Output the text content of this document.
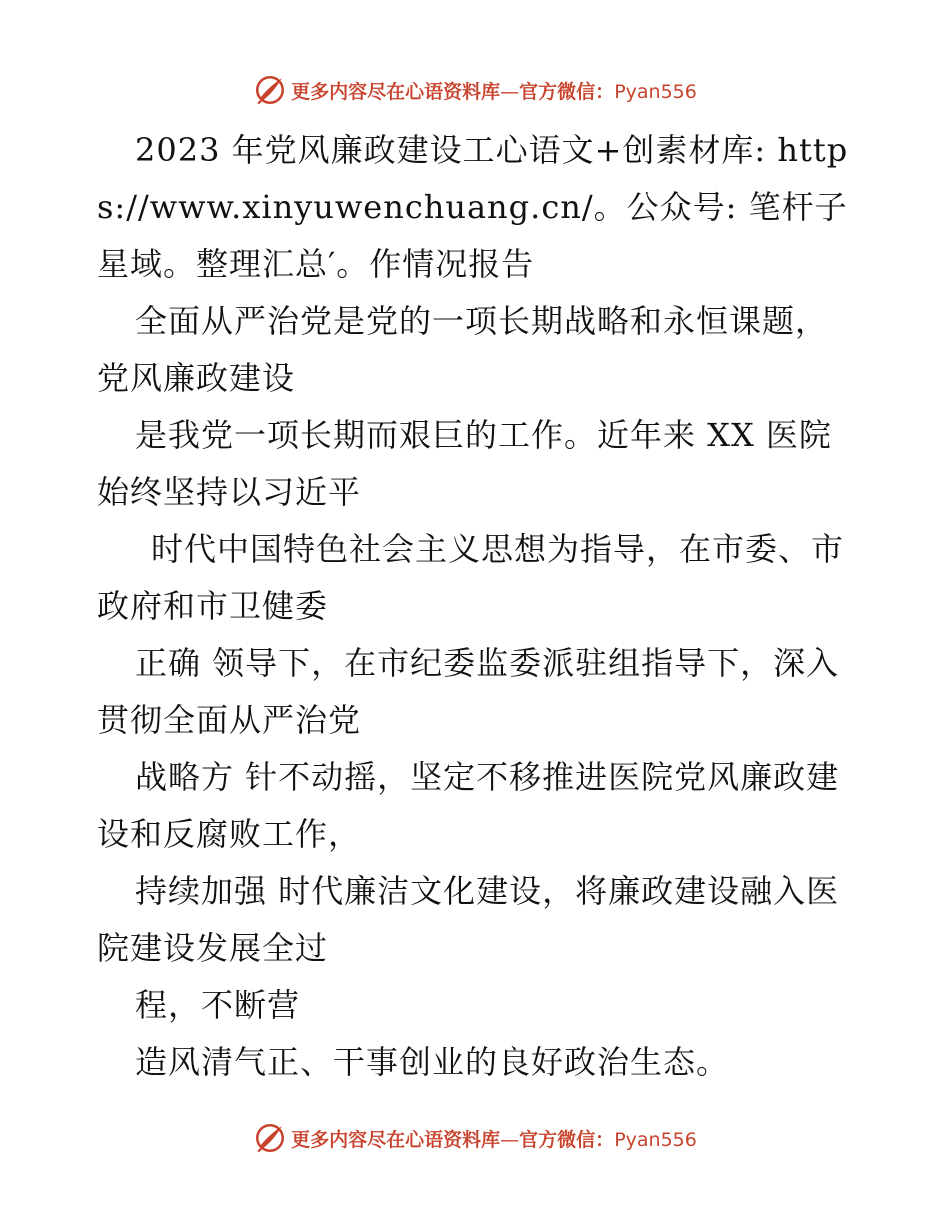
更多内容尽在心语资料库—官方微信：Pyan556

2023 年党风廉政建设工心语文+创素材库: https://www.xinyuwenchuang.cn/。公众号: 笔杆子星域。整理汇总′。作情况报告

全面从严治党是党的一项长期战略和永恒课题，党风廉政建设

是我党一项长期而艰巨的工作。近年来 XX 医院始终坚持以习近平

时代中国特色社会主义思想为指导，在市委、市政府和市卫健委

正确 领导下，在市纪委监委派驻组指导下，深入贯彻全面从严治党

战略方 针不动摇，坚定不移推进医院党风廉政建设和反腐败工作，

持续加强 时代廉洁文化建设，将廉政建设融入医院建设发展全过

程，不断营

造风清气正、干事创业的良好政治生态。

更多内容尽在心语资料库—官方微信：Pyan556
